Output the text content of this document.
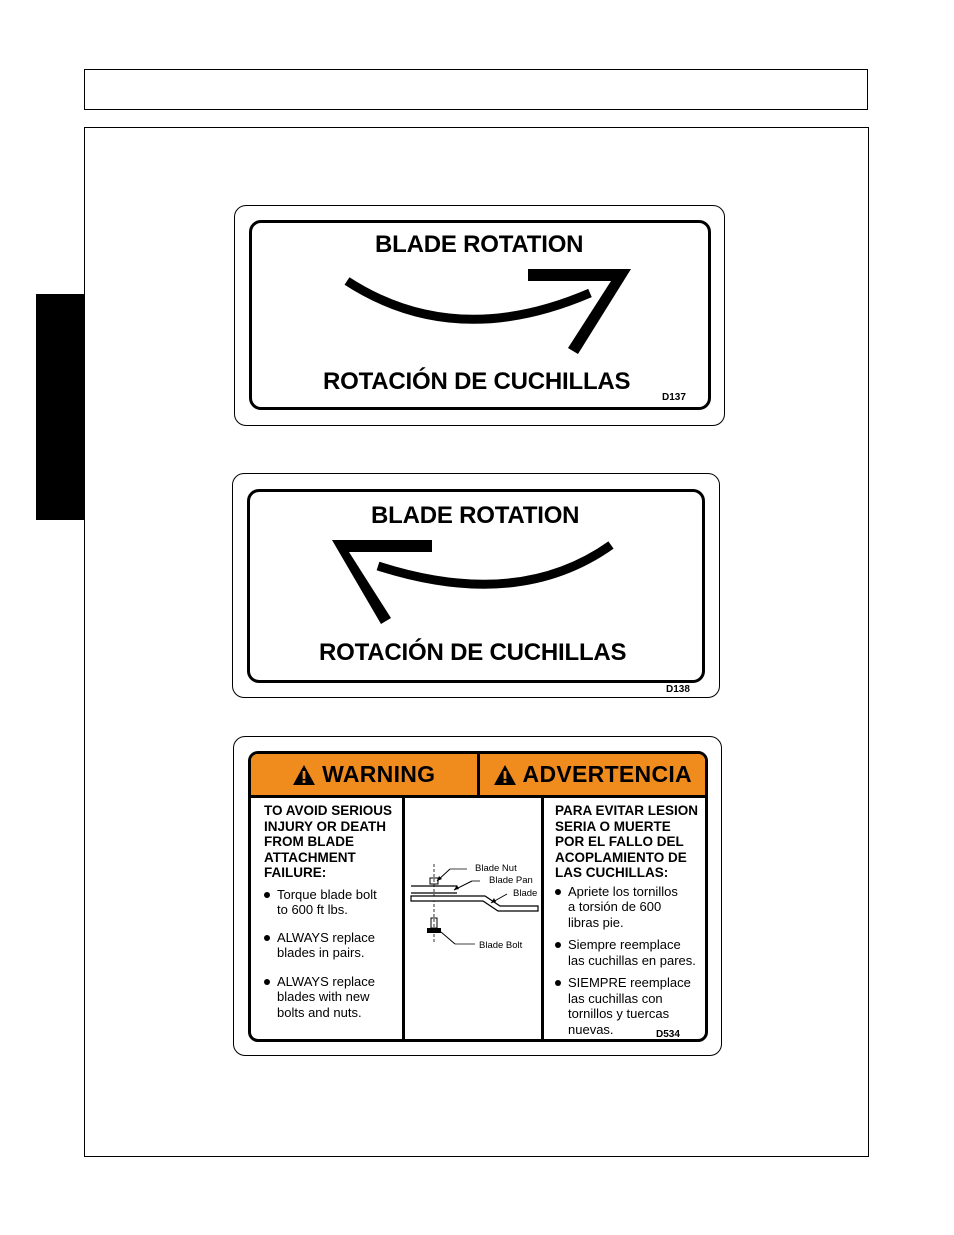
BLADE ROTATION
ROTACIÓN DE CUCHILLAS
D137
BLADE ROTATION
ROTACIÓN DE CUCHILLAS
D138
WARNING	ADVERTENCIA
TO AVOID SERIOUS
INJURY OR DEATH
FROM BLADE
ATTACHMENT
FAILURE:
Torque blade bolt
to 600 ft lbs.
ALWAYS replace
blades in pairs.
ALWAYS replace
blades with new
bolts and nuts.
Blade Nut
Blade Pan
Blade
Blade Bolt
PARA EVITAR LESION
SERIA O MUERTE
POR EL FALLO DEL
ACOPLAMIENTO DE
LAS CUCHILLAS:
Apriete los tornillos
a torsión de 600
libras pie.
Siempre reemplace
las cuchillas en pares.
SIEMPRE reemplace
las cuchillas con
tornillos y tuercas
nuevas.	D534
